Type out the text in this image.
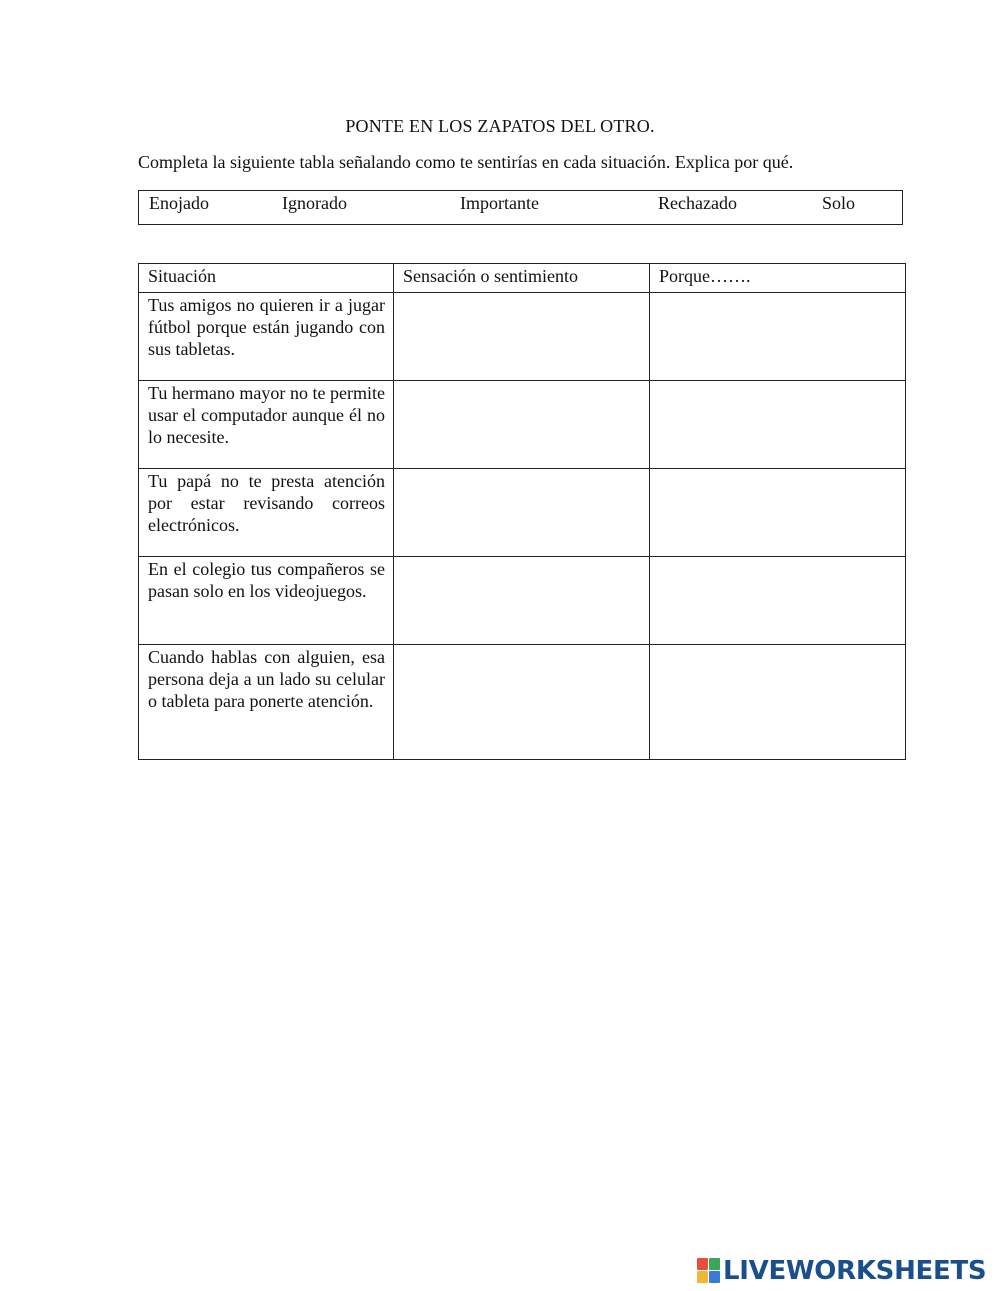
PONTE EN LOS ZAPATOS DEL OTRO.
Completa la siguiente tabla señalando como te sentirías en cada situación. Explica por qué.
Enojado	Ignorado	Importante	Rechazado	Solo
Situación	Sensación o sentimiento	Porque…….
Tus amigos no quieren ir a jugar fútbol porque están jugando con sus tabletas.	

Tu hermano mayor no te permite usar el computador aunque él no lo necesite.	

Tu papá no te presta atención por estar revisando correos electrónicos.	

En el colegio tus compañeros se pasan solo en los videojuegos.	

Cuando hablas con alguien, esa persona deja a un lado su celular o tableta para ponerte atención.	

LIVEWORKSHEETS
